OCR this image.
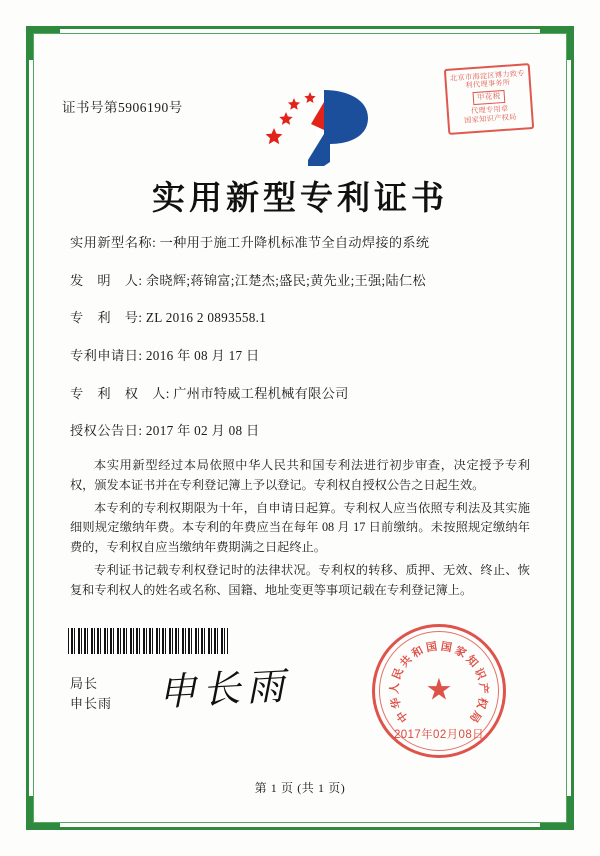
证书号第5906190号
北京市海淀区博力致专利代理事务所 甲花税
代理专用章
国家知识产权局
实用新型专利证书
实用新型名称: 一种用于施工升降机标准节全自动焊接的系统
发　明　人: 余晓辉;蒋锦富;江楚杰;盛民;黄先业;王强;陆仁松
专　利　号: ZL 2016 2 0893558.1
专利申请日: 2016 年 08 月 17 日
专　利　权　人: 广州市特威工程机械有限公司
授权公告日: 2017 年 02 月 08 日

本实用新型经过本局依照中华人民共和国专利法进行初步审查，决定授予专利权，颁发本证书并在专利登记簿上予以登记。专利权自授权公告之日起生效。

本专利的专利权期限为十年，自申请日起算。专利权人应当依照专利法及其实施细则规定缴纳年费。本专利的年费应当在每年 08 月 17 日前缴纳。未按照规定缴纳年费的，专利权自应当缴纳年费期满之日起终止。

专利证书记载专利权登记时的法律状况。专利权的转移、质押、无效、终止、恢复和专利权人的姓名或名称、国籍、地址变更等事项记载在专利登记簿上。

局长
申长雨 申长雨	★
中
华
人
民
共
和 国 国 家
知
识
产
权
局
2017年02月08日
第 1 页 (共 1 页)
